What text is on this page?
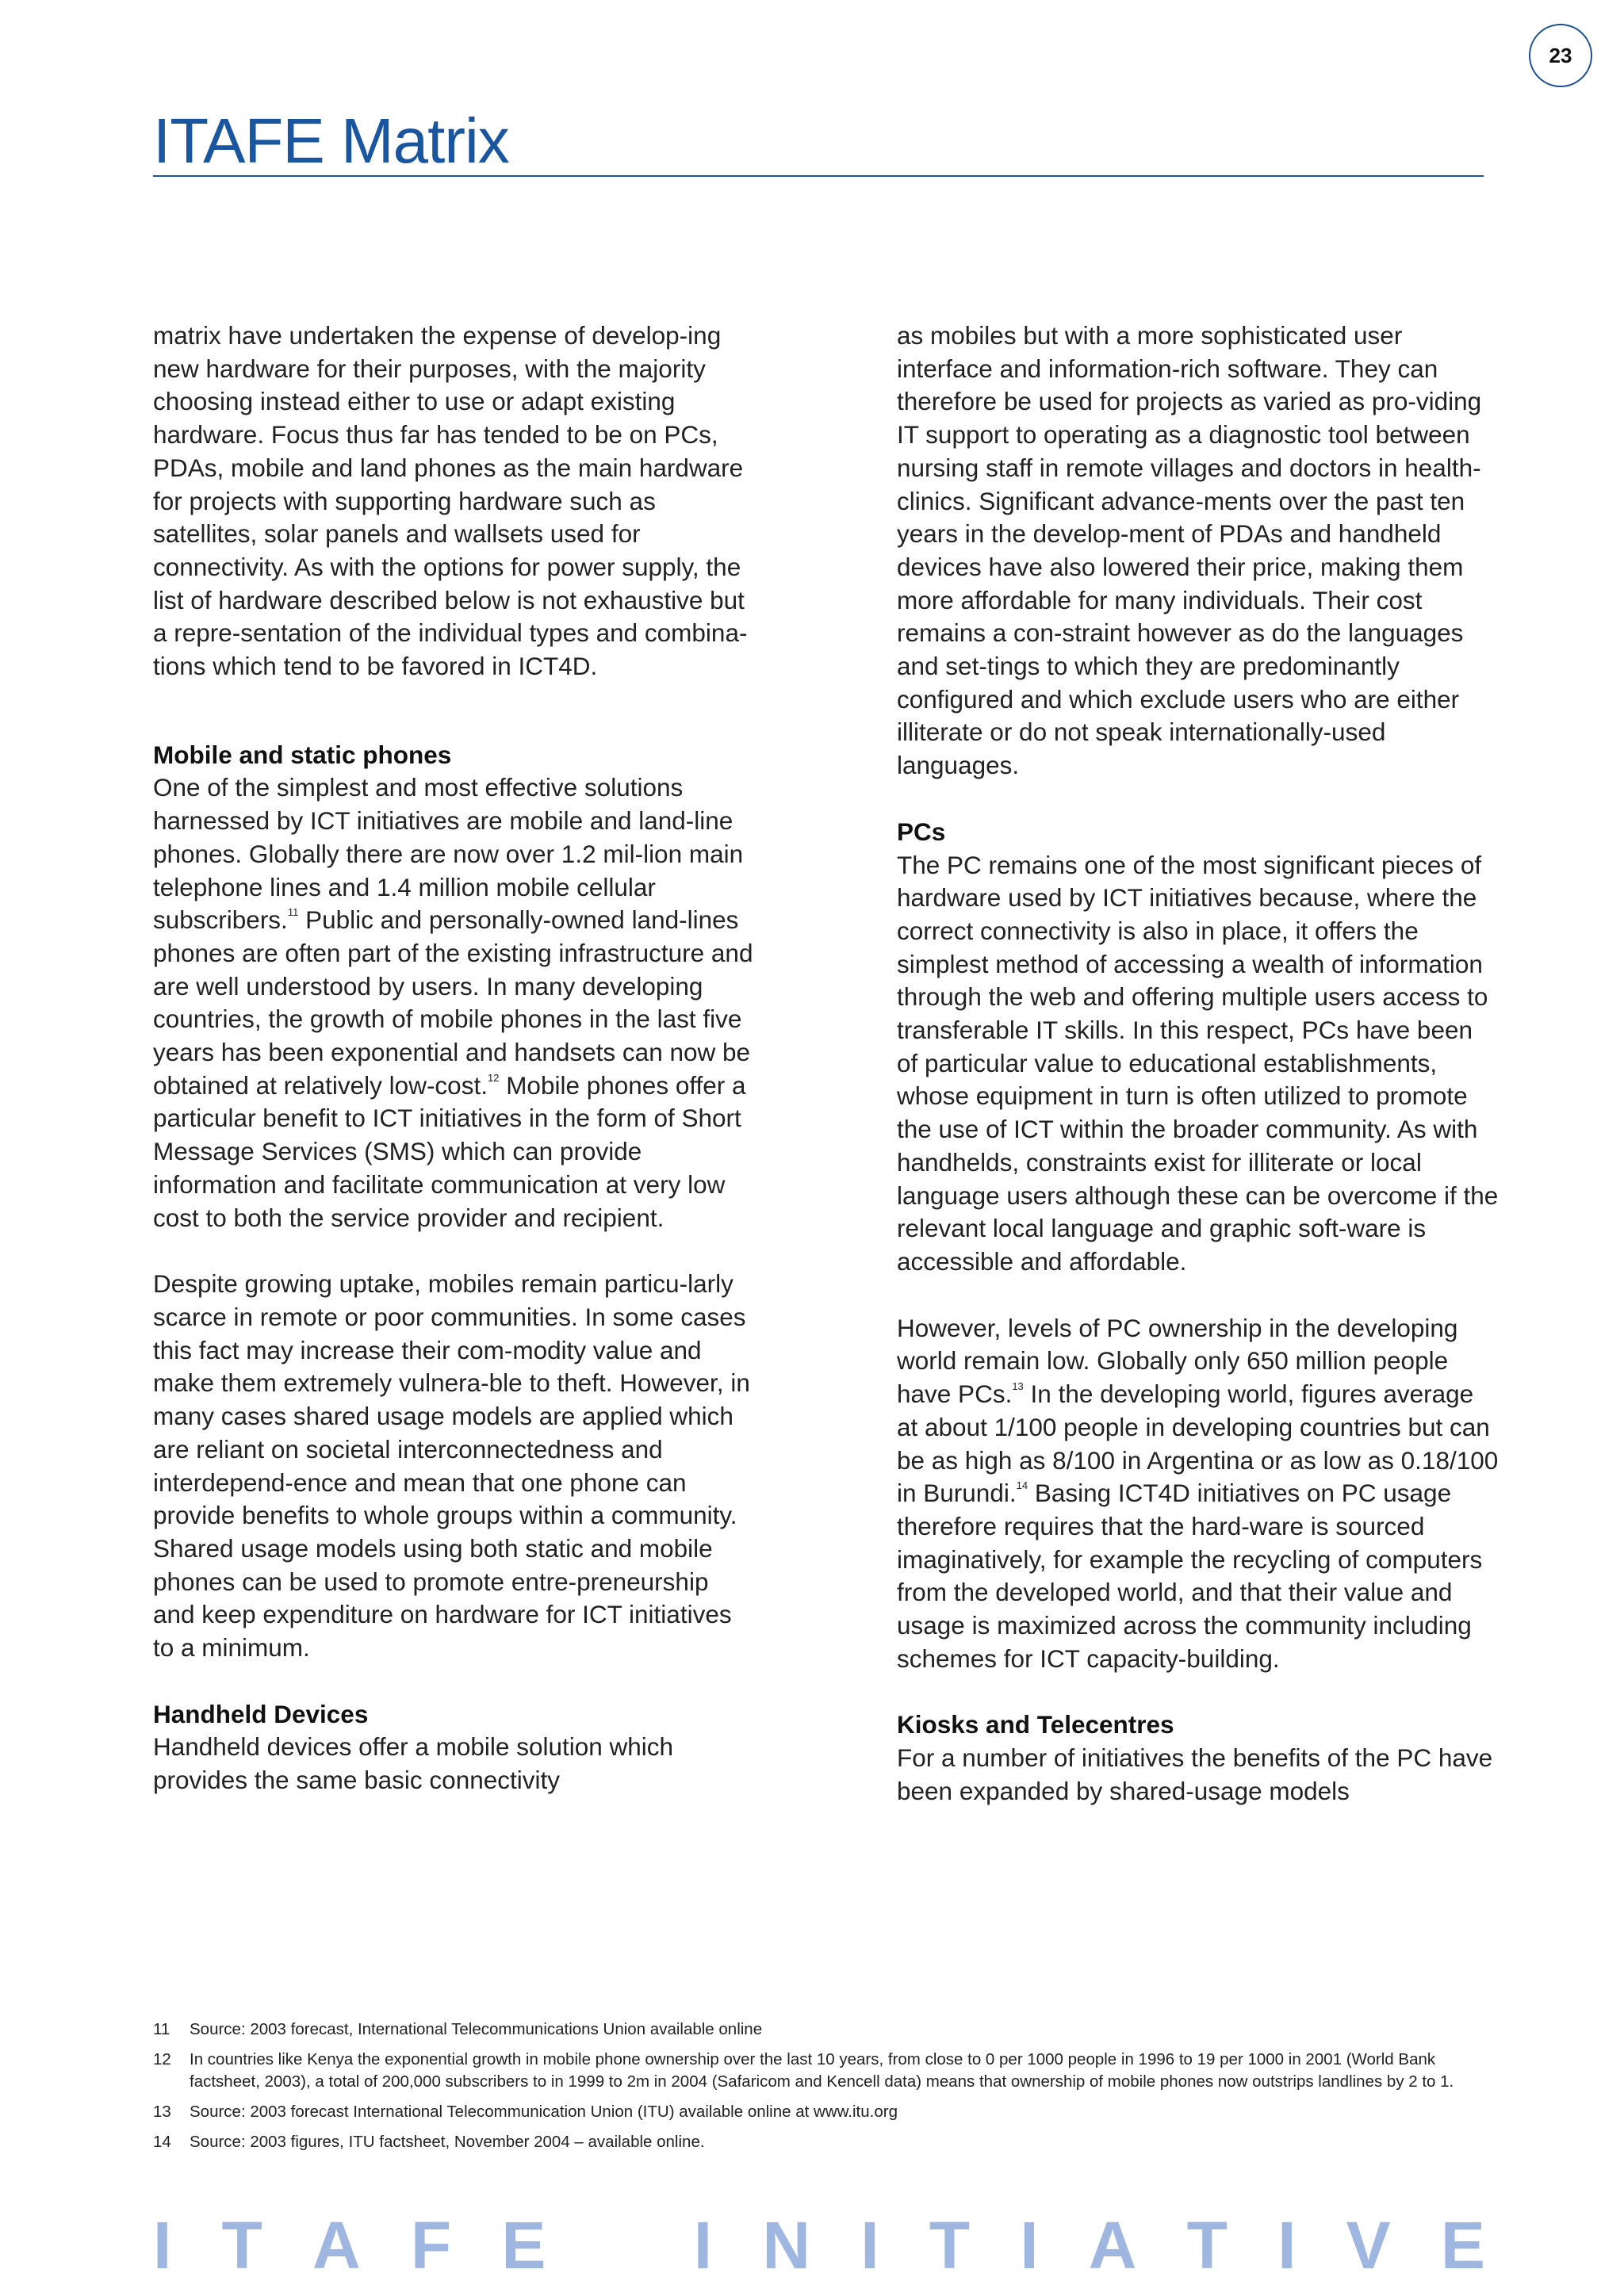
23
ITAFE Matrix

matrix have undertaken the expense of develop-ing new hardware for their purposes, with the majority choosing instead either to use or adapt existing hardware. Focus thus far has tended to be on PCs, PDAs, mobile and land phones as the main hardware for projects with supporting hardware such as satellites, solar panels and wallsets used for connectivity. As with the options for power supply, the list of hardware described below is not exhaustive but a repre-sentation of the individual types and combina-tions which tend to be favored in ICT4D.

Mobile and static phones

One of the simplest and most effective solutions harnessed by ICT initiatives are mobile and land-line phones. Globally there are now over 1.2 mil-lion main telephone lines and 1.4 million mobile cellular subscribers.$^{11}$ Public and personally-owned land-lines phones are often part of the existing infrastructure and are well understood by users. In many developing countries, the growth of mobile phones in the last five years has been exponential and handsets can now be obtained at relatively low-cost.$^{12}$ Mobile phones offer a particular benefit to ICT initiatives in the form of Short Message Services (SMS) which can provide information and facilitate communication at very low cost to both the service provider and recipient.

Despite growing uptake, mobiles remain particu-larly scarce in remote or poor communities. In some cases this fact may increase their com-modity value and make them extremely vulnera-ble to theft. However, in many cases shared usage models are applied which are reliant on societal interconnectedness and interdepend-ence and mean that one phone can provide benefits to whole groups within a community. Shared usage models using both static and mobile phones can be used to promote entre-preneurship and keep expenditure on hardware for ICT initiatives to a minimum.

Handheld Devices

Handheld devices offer a mobile solution which provides the same basic connectivity

as mobiles but with a more sophisticated user interface and information-rich software. They can therefore be used for projects as varied as pro-viding IT support to operating as a diagnostic tool between nursing staff in remote villages and doctors in health-clinics. Significant advance-ments over the past ten years in the develop-ment of PDAs and handheld devices have also lowered their price, making them more affordable for many individuals. Their cost remains a con-straint however as do the languages and set-tings to which they are predominantly configured and which exclude users who are either illiterate or do not speak internationally-used languages.

PCs

The PC remains one of the most significant pieces of hardware used by ICT initiatives because, where the correct connectivity is also in place, it offers the simplest method of accessing a wealth of information through the web and offering multiple users access to transferable IT skills. In this respect, PCs have been of particular value to educational establishments, whose equipment in turn is often utilized to promote the use of ICT within the broader community. As with handhelds, constraints exist for illiterate or local language users although these can be overcome if the relevant local language and graphic soft-ware is accessible and affordable.

However, levels of PC ownership in the developing world remain low. Globally only 650 million people have PCs.$^{13}$ In the developing world, figures average at about 1/100 people in developing countries but can be as high as 8/100 in Argentina or as low as 0.18/100 in Burundi.$^{14}$ Basing ICT4D initiatives on PC usage therefore requires that the hard-ware is sourced imaginatively, for example the recycling of computers from the developed world, and that their value and usage is maximized across the community including schemes for ICT capacity-building.

Kiosks and Telecentres

For a number of initiatives the benefits of the PC have been expanded by shared-usage models

11	Source: 2003 forecast, International Telecommunications Union available online
12	In countries like Kenya the exponential growth in mobile phone ownership over the last 10 years, from close to 0 per 1000 people in 1996 to 19 per 1000 in 2001 (World Bank factsheet, 2003), a total of 200,000 subscribers to in 1999 to 2m in 2004 (Safaricom and Kencell data) means that ownership of mobile phones now outstrips landlines by 2 to 1.
13	Source: 2003 forecast International Telecommunication Union (ITU) available online at www.itu.org
14	Source: 2003 figures, ITU factsheet, November 2004 – available online.
I T A F E I N I T I A T I V E
